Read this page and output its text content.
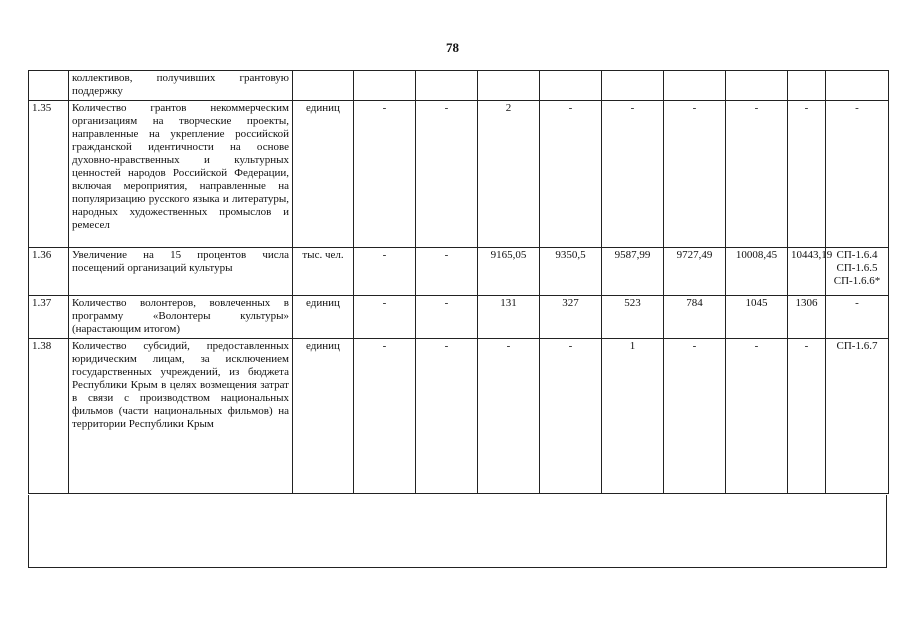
78
	коллективов, получивших грантовую поддержку										

1.35	Количество грантов некоммерческим организациям на творческие проекты, направленные на укрепление российской гражданской идентичности на основе духовно-нравственных и культурных ценностей народов Российской Федерации, включая мероприятия, направленные на популяризацию русского языка и литературы, народных художественных промыслов и ремесел	единиц	-	-	2	-	-	-	-	-	-

1.36	Увеличение на 15 процентов числа посещений организаций культуры	тыс. чел.	-	-	9165,05	9350,5	9587,99	9727,49	10008,45	10443,19	СП-1.6.4
СП-1.6.5
СП-1.6.6*

1.37	Количество волонтеров, вовлеченных в программу «Волонтеры культуры» (нарастающим итогом)	единиц	-	-	131	327	523	784	1045	1306	-

1.38	Количество субсидий, предоставленных юридическим лицам, за исключением государственных учреждений, из бюджета Республики Крым в целях возмещения затрат в связи с производством национальных фильмов (части национальных фильмов) на территории Республики Крым	единиц	-	-	-	-	1	-	-	-	СП-1.6.7
